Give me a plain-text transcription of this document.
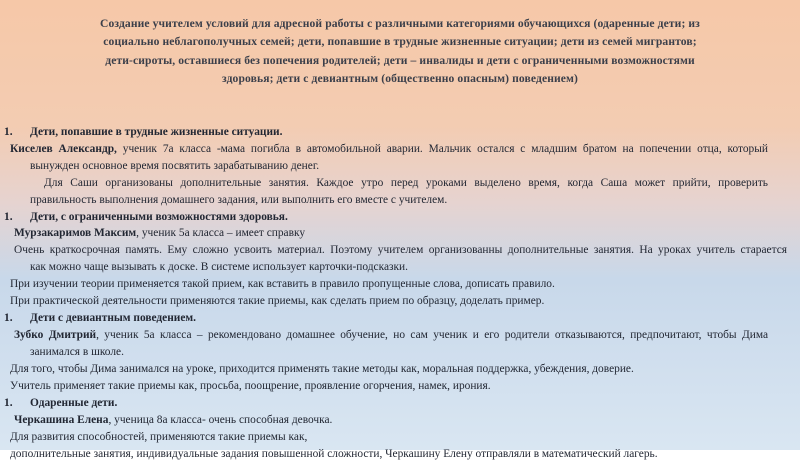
Создание учителем условий для адресной работы с различными категориями обучающихся (одаренные дети; из социально неблагополучных семей; дети, попавшие в трудные жизненные ситуации; дети из семей мигрантов; дети-сироты, оставшиеся без попечения родителей; дети – инвалиды и дети с ограниченными возможностями здоровья; дети с девиантным (общественно опасным) поведением)
1. Дети, попавшие в трудные жизненные ситуации.
Киселев Александр, ученик 7а класса -мама погибла в автомобильной аварии. Мальчик остался с младшим братом на попечении отца, который
вынужден основное время посвятить зарабатыванию денег.
Для Саши организованы дополнительные занятия. Каждое утро перед уроками выделено время, когда Саша может прийти, проверить
правильность выполнения домашнего задания, или выполнить его вместе с учителем.
1. Дети, с ограниченными возможностями здоровья.
Мурзакаримов Максим, ученик 5а класса – имеет справку
Очень краткосрочная память. Ему сложно усвоить материал. Поэтому учителем организованны дополнительные занятия. На уроках учитель старается
как можно чаще вызывать к доске. В системе использует карточки-подсказки.
При изучении теории применяется такой прием, как вставить в правило пропущенные слова, дописать правило.
При практической деятельности применяются такие приемы, как сделать прием по образцу, доделать пример.
1. Дети с девиантным поведением.
Зубко Дмитрий, ученик 5а класса – рекомендовано домашнее обучение, но сам ученик и его родители отказываются, предпочитают, чтобы Дима
занимался в школе.
Для того, чтобы Дима занимался на уроке, приходится применять такие методы как, моральная поддержка, убеждения, доверие.
Учитель применяет такие приемы как, просьба, поощрение, проявление огорчения, намек, ирония.
1. Одаренные дети.
Черкашина Елена, ученица 8а класса- очень способная девочка.
Для развития способностей, применяются такие приемы как,
дополнительные занятия, индивидуальные задания повышенной сложности, Черкашину Елену отправляли в математический лагерь.
